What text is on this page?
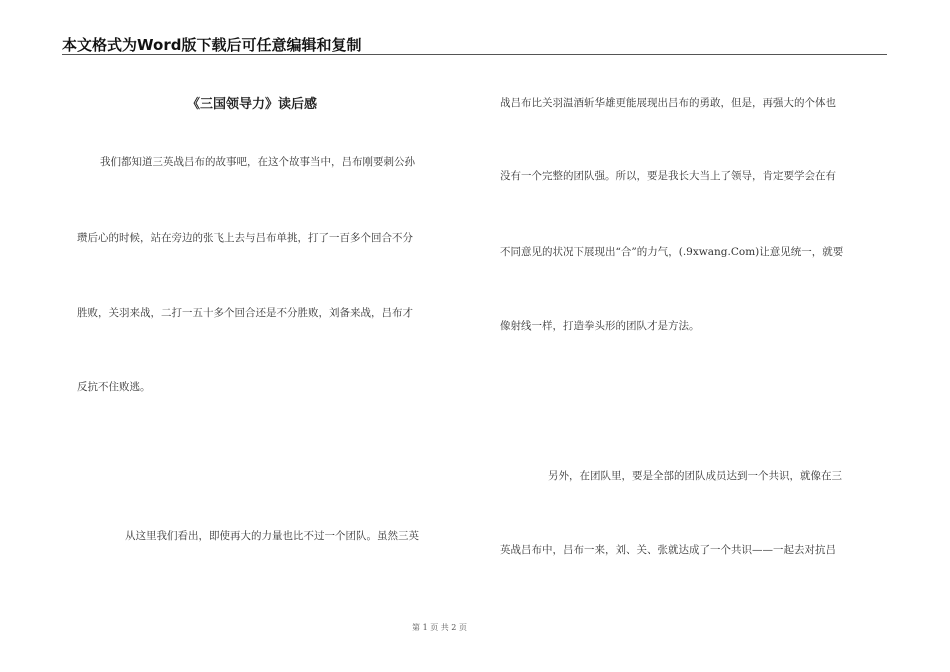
本文格式为Word版下载后可任意编辑和复制
《三国领导力》读后感
我们都知道三英战吕布的故事吧，在这个故事当中，吕布刚要刺公孙
瓒后心的时候，站在旁边的张飞上去与吕布单挑，打了一百多个回合不分
胜败，关羽来战，二打一五十多个回合还是不分胜败，刘备来战，吕布才
反抗不住败逃。
从这里我们看出，即使再大的力量也比不过一个团队。虽然三英
战吕布比关羽温酒斩华雄更能展现出吕布的勇敢，但是，再强大的个体也
没有一个完整的团队强。所以，要是我长大当上了领导，肯定要学会在有
不同意见的状况下展现出“合”的力气，(.9xwang.Com)让意见统一，就要
像射线一样，打造拳头形的团队才是方法。
另外，在团队里，要是全部的团队成员达到一个共识，就像在三
英战吕布中，吕布一来，刘、关、张就达成了一个共识——一起去对抗吕
第 1 页 共 2 页
